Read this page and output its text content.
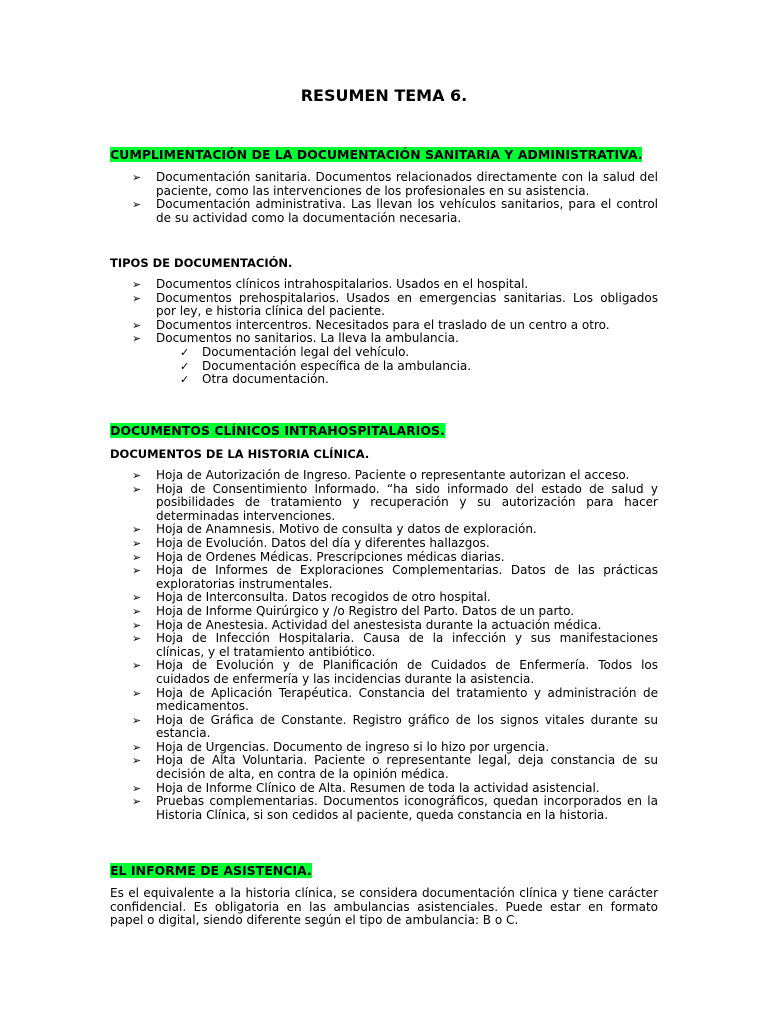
RESUMEN TEMA 6.
CUMPLIMENTACIÓN DE LA DOCUMENTACIÓN SANITARIA Y ADMINISTRATIVA.
➢ Documentación sanitaria. Documentos relacionados directamente con la salud del paciente, como las intervenciones de los profesionales en su asistencia.
➢ Documentación administrativa. Las llevan los vehículos sanitarios, para el control de su actividad como la documentación necesaria.
TIPOS DE DOCUMENTACIÓN.
➢ Documentos clínicos intrahospitalarios. Usados en el hospital.
➢ Documentos prehospitalarios. Usados en emergencias sanitarias. Los obligados por ley, e historia clínica del paciente.
➢ Documentos intercentros. Necesitados para el traslado de un centro a otro.
➢ Documentos no sanitarios. La lleva la ambulancia.
✓ Documentación legal del vehículo.
✓ Documentación específica de la ambulancia.
✓ Otra documentación.
DOCUMENTOS CLÍNICOS INTRAHOSPITALARIOS.
DOCUMENTOS DE LA HISTORIA CLÍNICA.
➢ Hoja de Autorización de Ingreso. Paciente o representante autorizan el acceso.
➢ Hoja de Consentimiento Informado. “ha sido informado del estado de salud y posibilidades de tratamiento y recuperación y su autorización para hacer determinadas intervenciones.
➢ Hoja de Anamnesis. Motivo de consulta y datos de exploración.
➢ Hoja de Evolución. Datos del día y diferentes hallazgos.
➢ Hoja de Ordenes Médicas. Prescripciones médicas diarias.
➢ Hoja de Informes de Exploraciones Complementarias. Datos de las prácticas exploratorias instrumentales.
➢ Hoja de Interconsulta. Datos recogidos de otro hospital.
➢ Hoja de Informe Quirúrgico y /o Registro del Parto. Datos de un parto.
➢ Hoja de Anestesia. Actividad del anestesista durante la actuación médica.
➢ Hoja de Infección Hospitalaria. Causa de la infección y sus manifestaciones clínicas, y el tratamiento antibiótico.
➢ Hoja de Evolución y de Planificación de Cuidados de Enfermería. Todos los cuidados de enfermería y las incidencias durante la asistencia.
➢ Hoja de Aplicación Terapéutica. Constancia del tratamiento y administración de medicamentos.
➢ Hoja de Gráfica de Constante. Registro gráfico de los signos vitales durante su estancia.
➢ Hoja de Urgencias. Documento de ingreso si lo hizo por urgencia.
➢ Hoja de Alta Voluntaria. Paciente o representante legal, deja constancia de su decisión de alta, en contra de la opinión médica.
➢ Hoja de Informe Clínico de Alta. Resumen de toda la actividad asistencial.
➢ Pruebas complementarias. Documentos iconográficos, quedan incorporados en la Historia Clínica, si son cedidos al paciente, queda constancia en la historia.
EL INFORME DE ASISTENCIA.

Es el equivalente a la historia clínica, se considera documentación clínica y tiene carácter confidencial. Es obligatoria en las ambulancias asistenciales. Puede estar en formato papel o digital, siendo diferente según el tipo de ambulancia: B o C.
